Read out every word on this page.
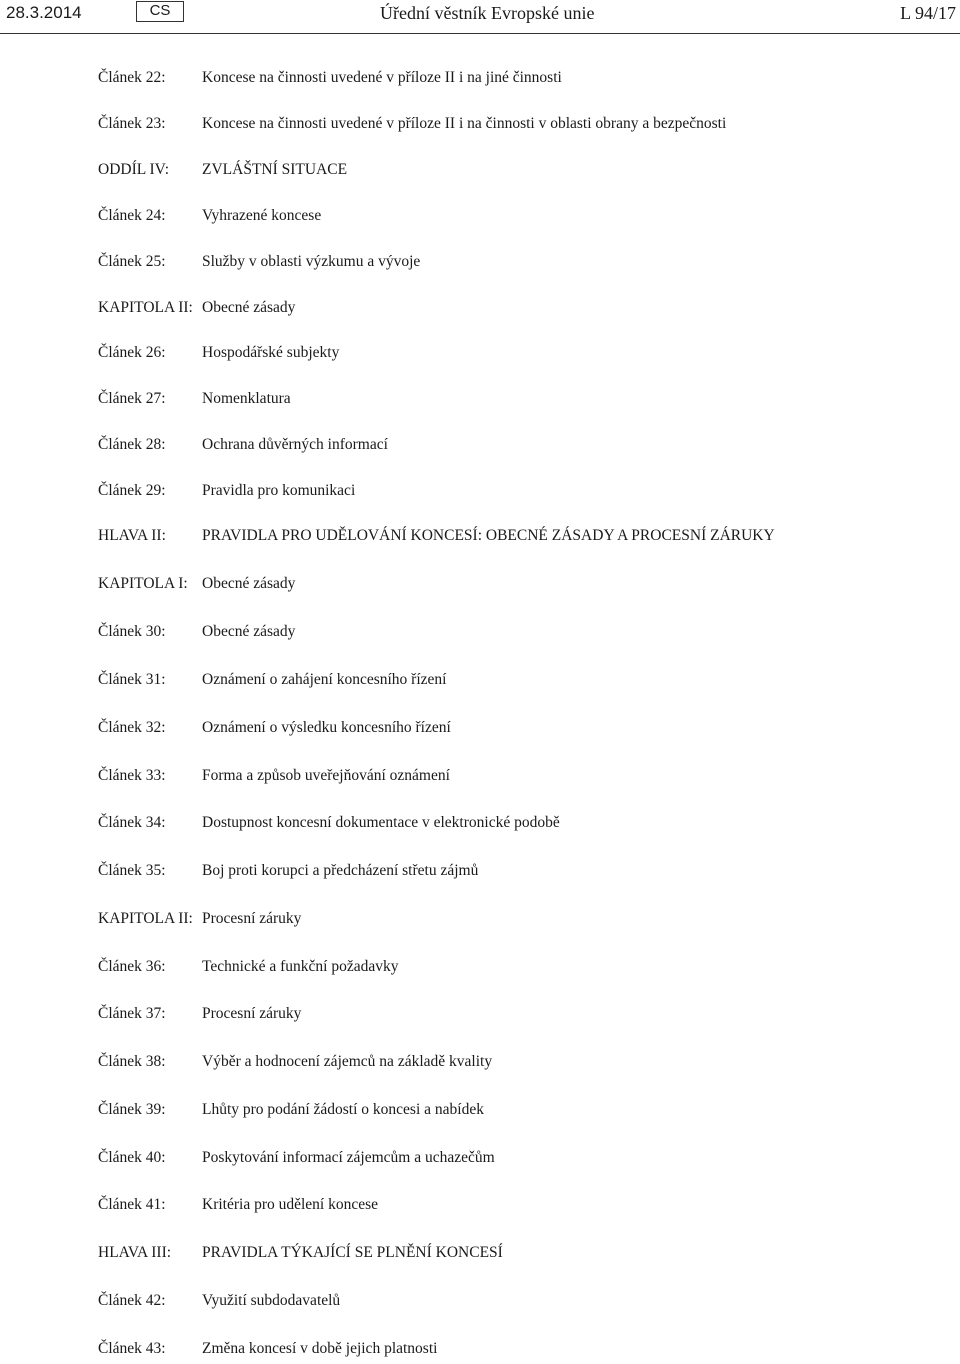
28.3.2014	CS	Úřední věstník Evropské unie	L 94/17
Článek 22: Koncese na činnosti uvedené v příloze II i na jiné činnosti
Článek 23: Koncese na činnosti uvedené v příloze II i na činnosti v oblasti obrany a bezpečnosti
ODDÍL IV: ZVLÁŠTNÍ SITUACE
Článek 24: Vyhrazené koncese
Článek 25: Služby v oblasti výzkumu a vývoje
KAPITOLA II: Obecné zásady
Článek 26: Hospodářské subjekty
Článek 27: Nomenklatura
Článek 28: Ochrana důvěrných informací
Článek 29: Pravidla pro komunikaci
HLAVA II: PRAVIDLA PRO UDĚLOVÁNÍ KONCESÍ: OBECNÉ ZÁSADY A PROCESNÍ ZÁRUKY
KAPITOLA I: Obecné zásady
Článek 30: Obecné zásady
Článek 31: Oznámení o zahájení koncesního řízení
Článek 32: Oznámení o výsledku koncesního řízení
Článek 33: Forma a způsob uveřejňování oznámení
Článek 34: Dostupnost koncesní dokumentace v elektronické podobě
Článek 35: Boj proti korupci a předcházení střetu zájmů
KAPITOLA II: Procesní záruky
Článek 36: Technické a funkční požadavky
Článek 37: Procesní záruky
Článek 38: Výběr a hodnocení zájemců na základě kvality
Článek 39: Lhůty pro podání žádostí o koncesi a nabídek
Článek 40: Poskytování informací zájemcům a uchazečům
Článek 41: Kritéria pro udělení koncese
HLAVA III: PRAVIDLA TÝKAJÍCÍ SE PLNĚNÍ KONCESÍ
Článek 42: Využití subdodavatelů
Článek 43: Změna koncesí v době jejich platnosti
